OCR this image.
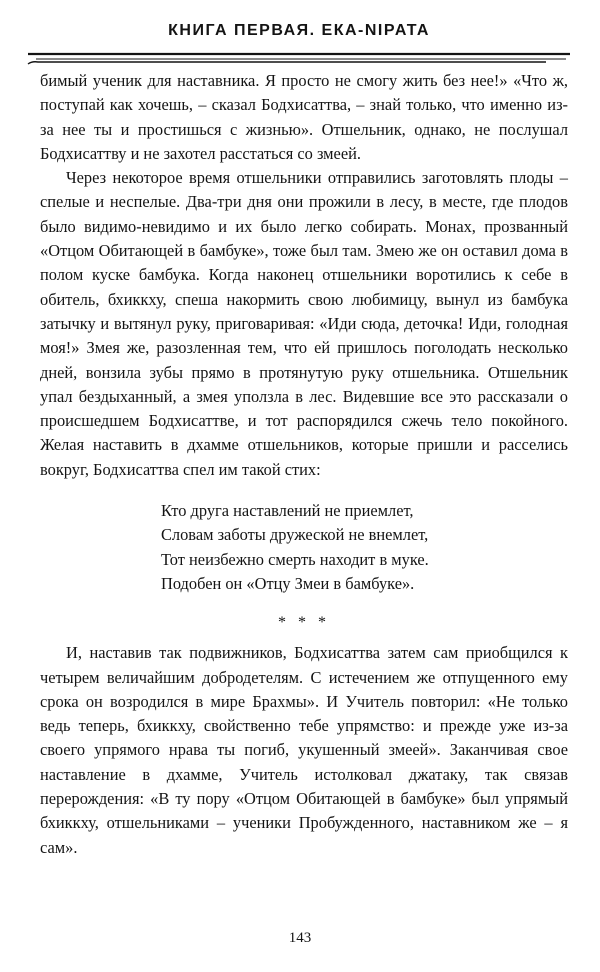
КНИГА ПЕРВАЯ. ЕКА-NIPATA

бимый ученик для наставника. Я просто не смогу жить без нее!» «Что ж, поступай как хочешь, – сказал Бодхисаттва, – знай только, что именно из-за нее ты и простишься с жизнью». Отшельник, однако, не послушал Бодхисаттву и не захотел расстаться со змеей.

Через некоторое время отшельники отправились заготовлять плоды – спелые и неспелые. Два-три дня они прожили в лесу, в месте, где плодов было видимо-невидимо и их было легко собирать. Монах, прозванный «Отцом Обитающей в бамбуке», тоже был там. Змею же он оставил дома в полом куске бамбука. Когда наконец отшельники воротились к себе в обитель, бхиккху, спеша накормить свою любимицу, вынул из бамбука затычку и вытянул руку, приговаривая: «Иди сюда, деточка! Иди, голодная моя!» Змея же, разозленная тем, что ей пришлось поголодать несколько дней, вонзила зубы прямо в протянутую руку отшельника. Отшельник упал бездыханный, а змея уползла в лес. Видевшие все это рассказали о происшедшем Бодхисаттве, и тот распорядился сжечь тело покойного. Желая наставить в дхамме отшельников, которые пришли и расселись вокруг, Бодхисаттва спел им такой стих:

Кто друга наставлений не приемлет,
Словам заботы дружеской не внемлет,
Тот неизбежно смерть находит в муке.
Подобен он «Отцу Змеи в бамбуке».
* * *

И, наставив так подвижников, Бодхисаттва затем сам приобщился к четырем величайшим добродетелям. С истечением же отпущенного ему срока он возродился в мире Брахмы». И Учитель повторил: «Не только ведь теперь, бхиккху, свойственно тебе упрямство: и прежде уже из-за своего упрямого нрава ты погиб, укушенный змеей». Заканчивая свое наставление в дхамме, Учитель истолковал джатаку, так связав перерождения: «В ту пору «Отцом Обитающей в бамбуке» был упрямый бхиккху, отшельниками – ученики Пробужденного, наставником же – я сам».

143
